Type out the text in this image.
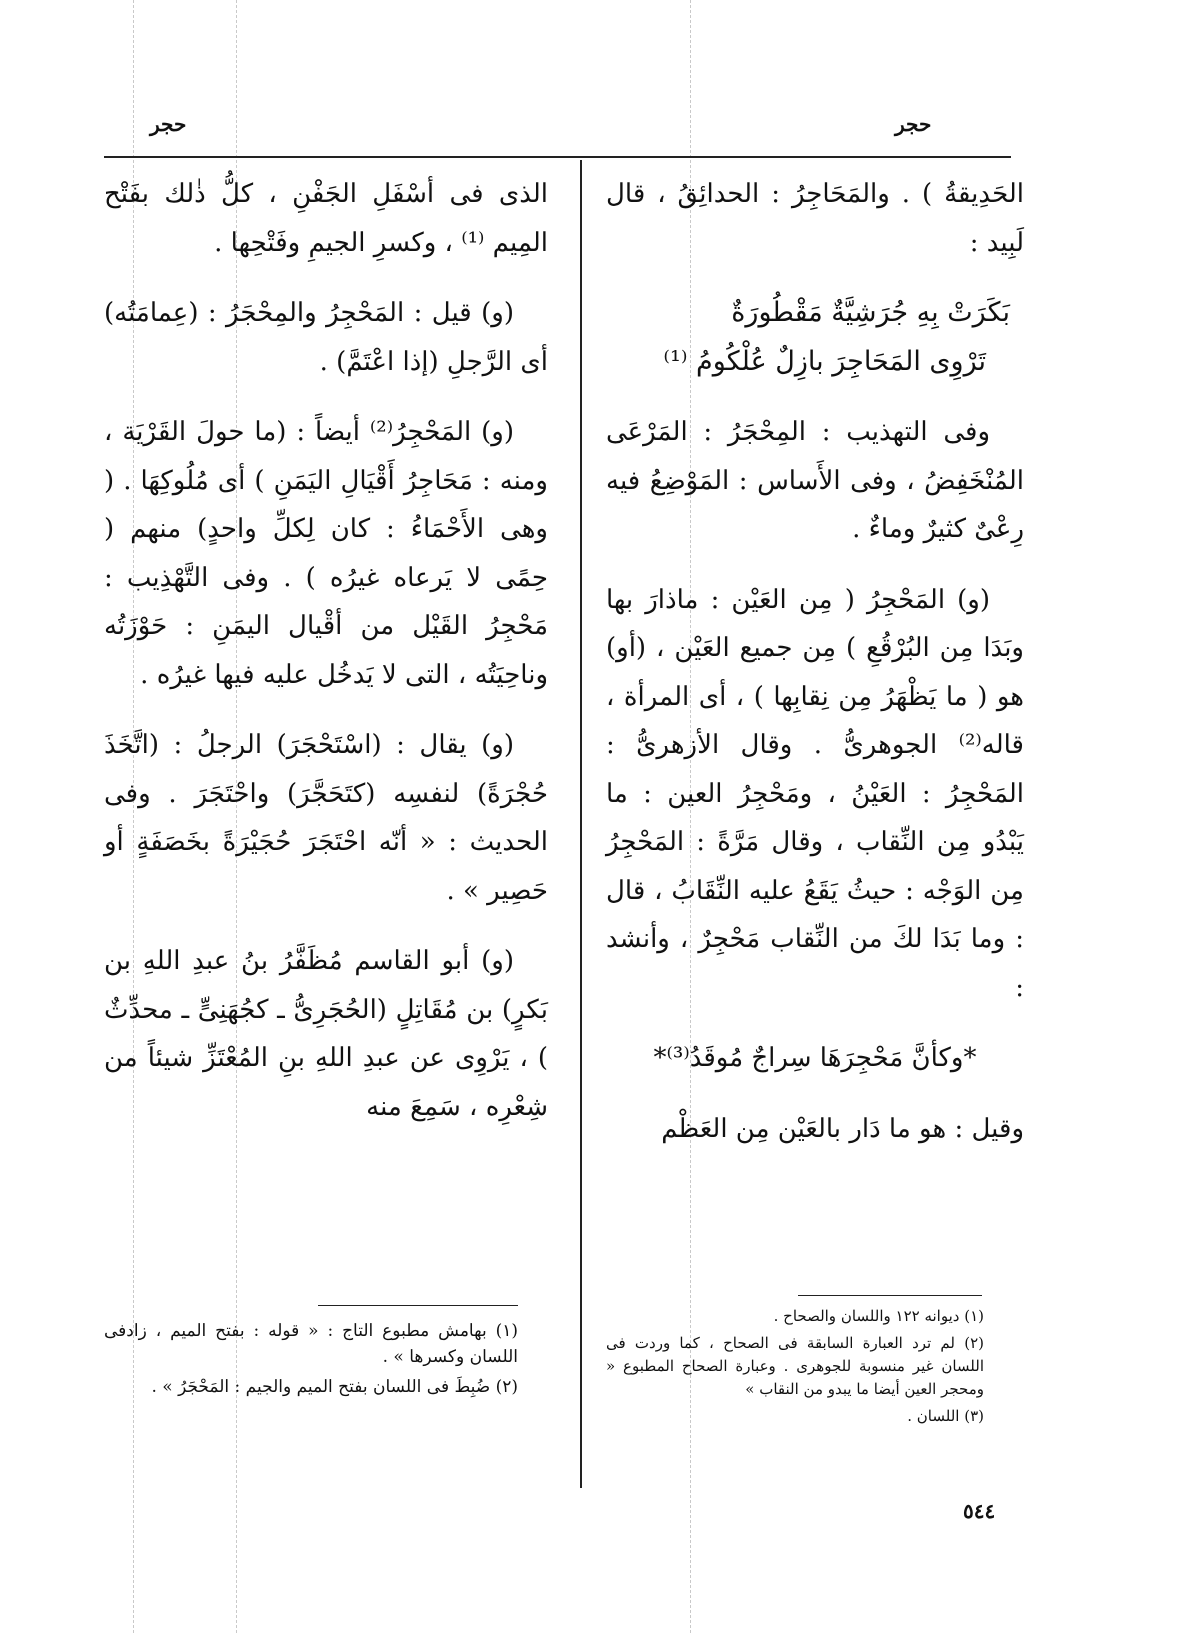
حجر
حجر

الحَدِيقةُ ) . والمَحَاجِرُ : الحدائِقُ ، قال لَبِيد :

بَكَرَتْ بِهِ جُرَشِيَّةٌ مَقْطُورَةٌ
تَرْوِى المَحَاجِرَ بازِلٌ عُلْكُومُ ⁽¹⁾

وفى التهذيب : المِحْجَرُ : المَرْعَى المُنْخَفِضُ ، وفى الأَساس : المَوْضِعُ فيه رِعْىٌ كثيرٌ وماءٌ .

(و) المَحْجِرُ ( مِن العَيْن : ماذارَ بها وبَدَا مِن البُرْقُعِ ) مِن جميع العَيْن ، (أو) هو ( ما يَظْهَرُ مِن نِقابِها ) ، أى المرأة ، قاله⁽²⁾ الجوهرىُّ . وقال الأزهرىُّ : المَحْجِرُ : العَيْنُ ، ومَحْجِرُ العين : ما يَبْدُو مِن النِّقاب ، وقال مَرَّةً : المَحْجِرُ مِن الوَجْه : حيثُ يَقَعُ عليه النِّقَابُ ، قال : وما بَدَا لكَ من النِّقاب مَحْجِرٌ ، وأنشد :

*وكأنَّ مَحْجِرَهَا سِراجٌ مُوقَدُ⁽³⁾*

وقيل : هو ما دَار بالعَيْن مِن العَظْم

الذى فى أسْفَلِ الجَفْنِ ، كلُّ ذٰلك بفَتْح المِيم ⁽¹⁾ ، وكسرِ الجيمِ وفَتْحِها .

(و) قيل : المَحْجِرُ والمِحْجَرُ : (عِمامَتُه) أى الرَّجلِ (إذا اعْتَمَّ) .

(و) المَحْجِرُ⁽²⁾ أيضاً : (ما حولَ القَرْيَة ، ومنه : مَحَاجِرُ أَقْيَالِ اليَمَنِ ) أى مُلُوكِهَا . ( وهى الأَحْمَاءُ : كان لِكلِّ واحدٍ) منهم ( حِمًى لا يَرعاه غيرُه ) . وفى التَّهْذِيب : مَحْجِرُ القَيْل من أقْيال اليمَنِ : حَوْزَتُه وناحِيَتُه ، التى لا يَدخُل عليه فيها غيرُه .

(و) يقال : (اسْتَحْجَرَ) الرجلُ : (اتَّخَذَ حُجْرَةً) لنفسِه (كتَحَجَّرَ) واحْتَجَرَ . وفى الحديث : « أنّه احْتَجَرَ حُجَيْرَةً بخَصَفَةٍ أو حَصِير » .

(و) أبو القاسم مُظَفَّرُ بنُ عبدِ اللهِ بن بَكرٍ) بن مُقَاتِلٍ (الحُجَرِىُّ ـ كجُهَنِىٍّ ـ محدِّثٌ ) ، يَرْوِى عن عبدِ اللهِ بنِ المُعْتَزِّ شيئاً من شِعْرِه ، سَمِعَ منه

(١) ديوانه ١٢٢ واللسان والصحاح .
(٢) لم ترد العبارة السابقة فى الصحاح ، كما وردت فى اللسان غير منسوبة للجوهرى . وعبارة الصحاح المطبوع « ومحجر العين أيضا ما يبدو من النقاب »
(٣) اللسان .
(١) بهامش مطبوع التاج : « قوله : بفتح الميم ، زادفى اللسان وكسرها » .
(٢) ضُبِطَ فى اللسان بفتح الميم والجيم : المَحْجَرُ » .
٥٤٤
